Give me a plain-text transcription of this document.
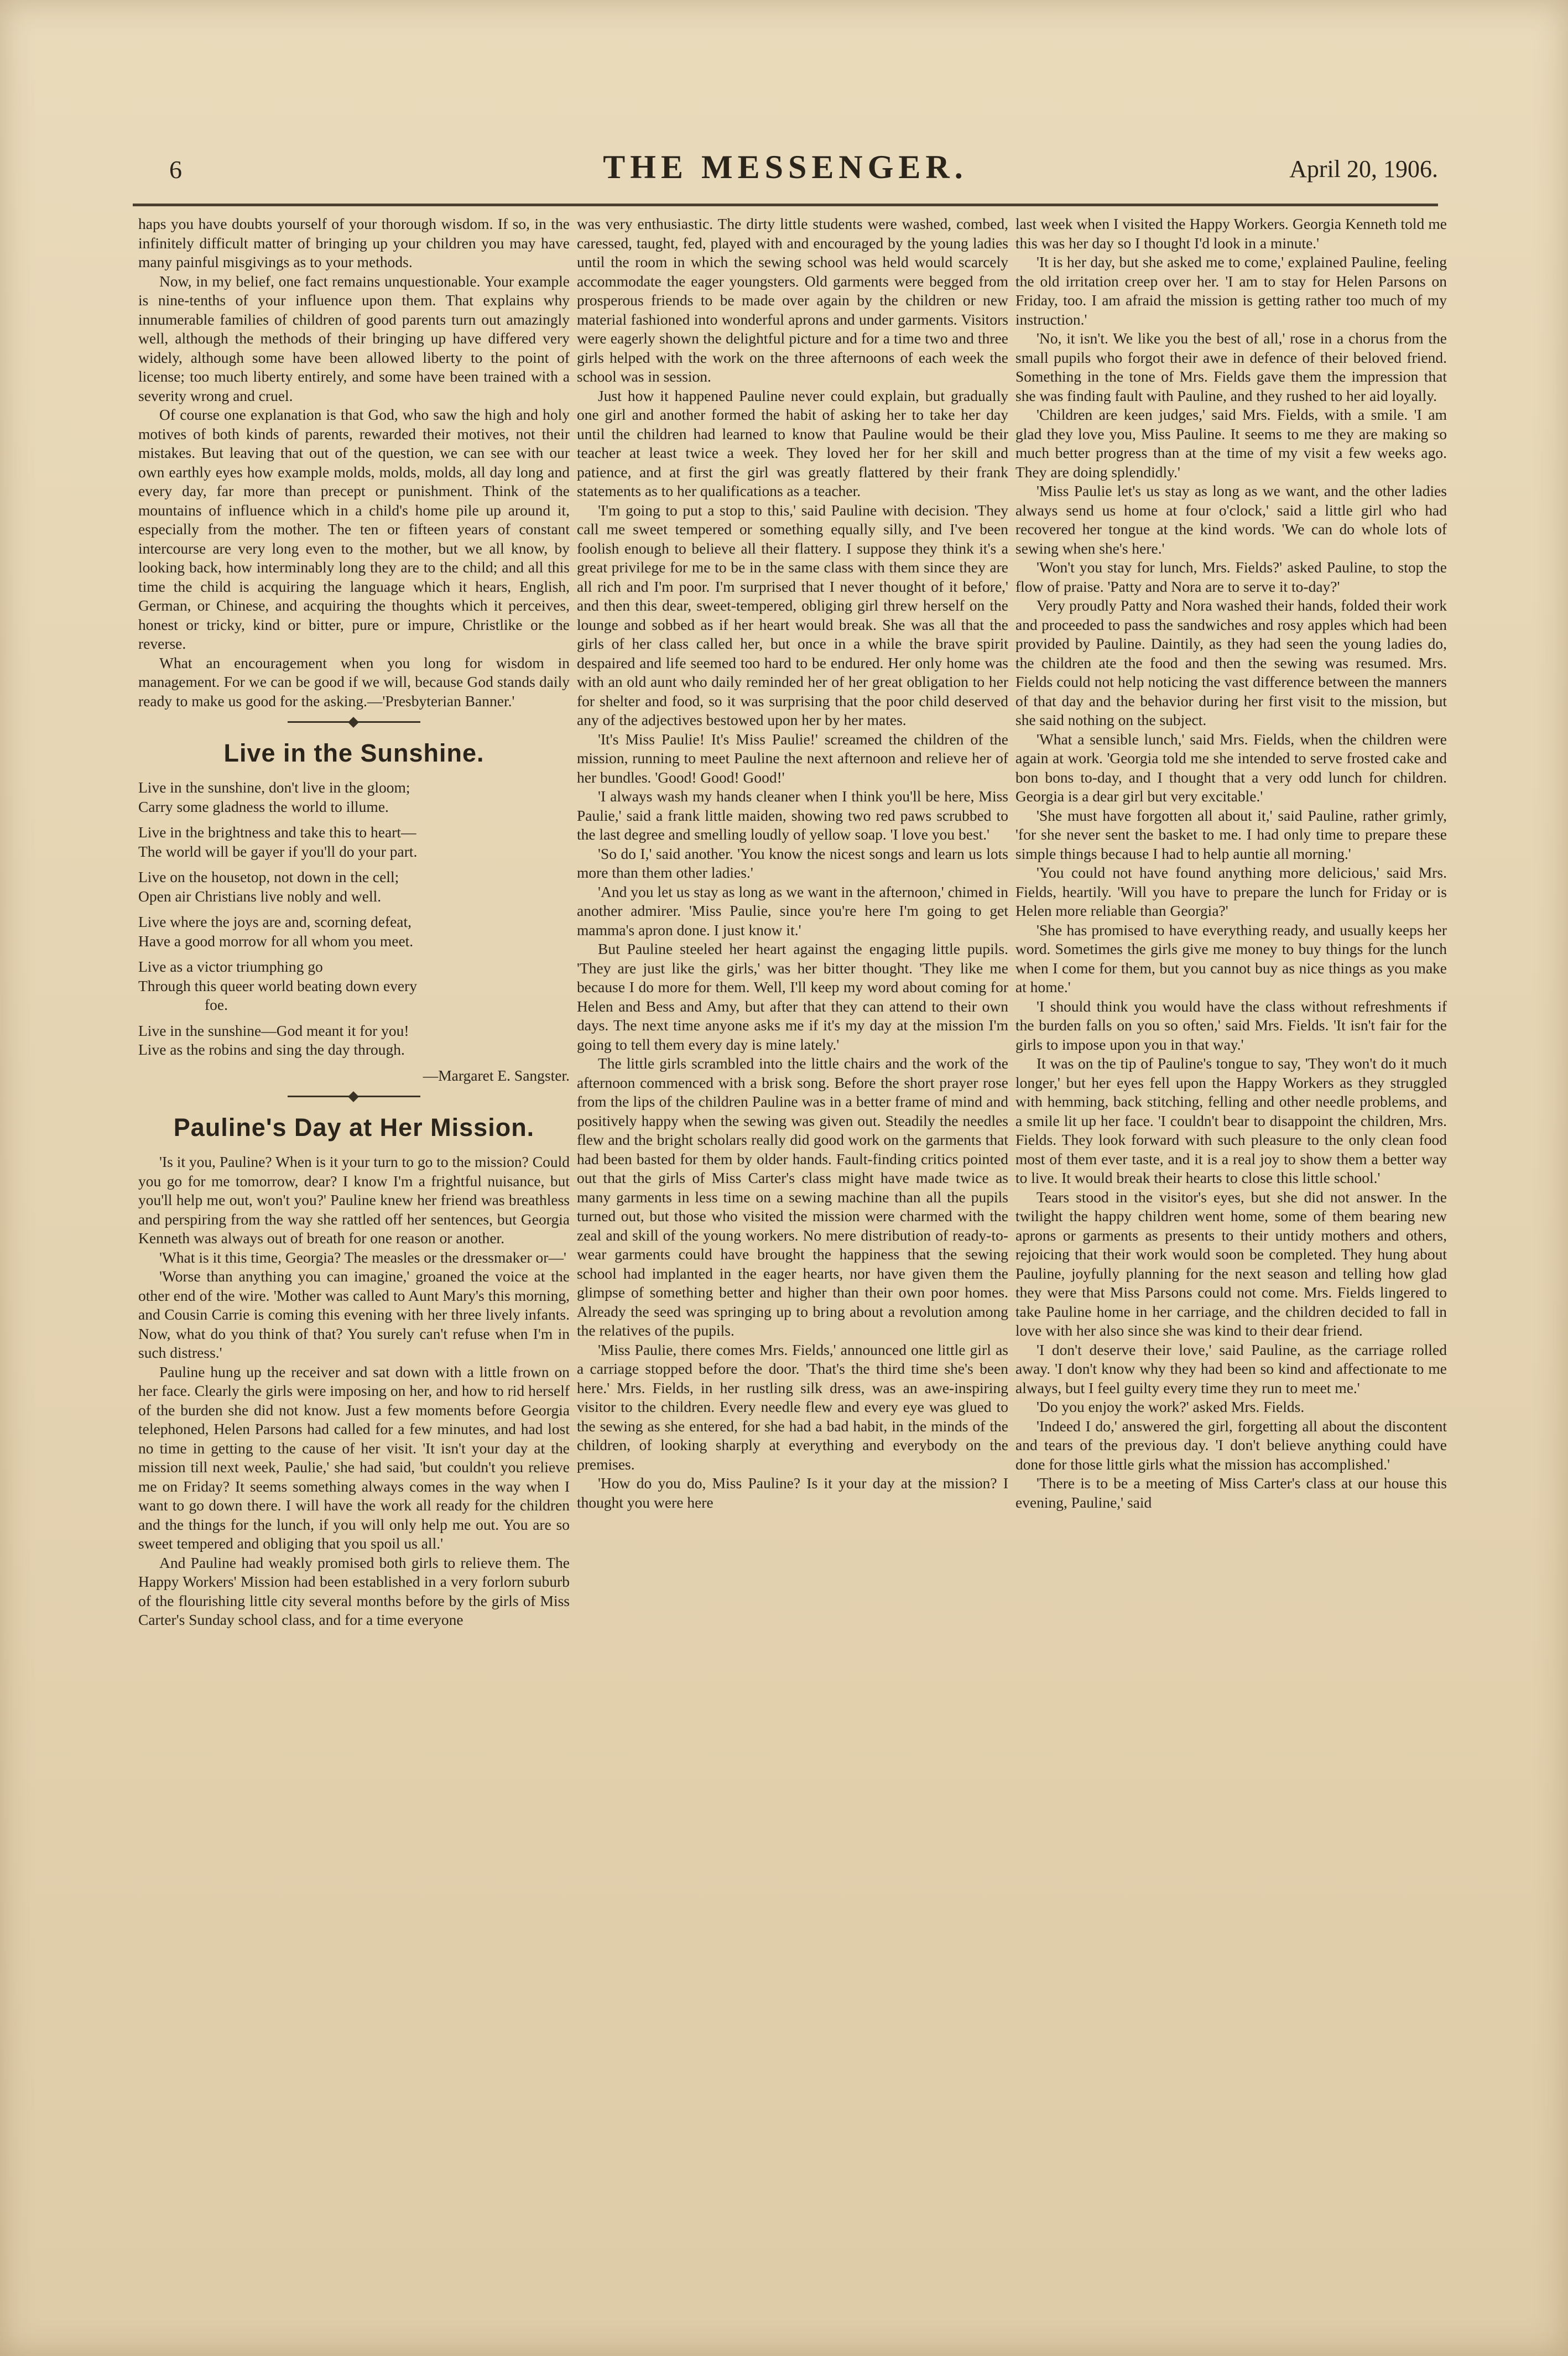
6	THE MESSENGER.	April 20, 1906.

haps you have doubts yourself of your thorough wisdom. If so, in the infinitely difficult matter of bringing up your children you may have many painful misgivings as to your methods.

Now, in my belief, one fact remains unquestionable. Your example is nine-tenths of your influence upon them. That explains why innumerable families of children of good parents turn out amazingly well, although the methods of their bringing up have differed very widely, although some have been allowed liberty to the point of license; too much liberty entirely, and some have been trained with a severity wrong and cruel.

Of course one explanation is that God, who saw the high and holy motives of both kinds of parents, rewarded their motives, not their mistakes. But leaving that out of the question, we can see with our own earthly eyes how example molds, molds, molds, all day long and every day, far more than precept or punishment. Think of the mountains of influence which in a child's home pile up around it, especially from the mother. The ten or fifteen years of constant intercourse are very long even to the mother, but we all know, by looking back, how interminably long they are to the child; and all this time the child is acquiring the language which it hears, English, German, or Chinese, and acquiring the thoughts which it perceives, honest or tricky, kind or bitter, pure or impure, Christlike or the reverse.

What an encouragement when you long for wisdom in management. For we can be good if we will, because God stands daily ready to make us good for the asking.—'Presbyterian Banner.'

Live in the Sunshine.
Live in the sunshine, don't live in the gloom;
Carry some gladness the world to illume.
Live in the brightness and take this to heart—
The world will be gayer if you'll do your part.
Live on the housetop, not down in the cell;
Open air Christians live nobly and well.
Live where the joys are and, scorning defeat,
Have a good morrow for all whom you meet.
Live as a victor triumphing go
Through this queer world beating down every
foe.
Live in the sunshine—God meant it for you!
Live as the robins and sing the day through.

—Margaret E. Sangster.

Pauline's Day at Her Mission.

'Is it you, Pauline? When is it your turn to go to the mission? Could you go for me tomorrow, dear? I know I'm a frightful nuisance, but you'll help me out, won't you?' Pauline knew her friend was breathless and perspiring from the way she rattled off her sentences, but Georgia Kenneth was always out of breath for one reason or another.

'What is it this time, Georgia? The measles or the dressmaker or—'

'Worse than anything you can imagine,' groaned the voice at the other end of the wire. 'Mother was called to Aunt Mary's this morning, and Cousin Carrie is coming this evening with her three lively infants. Now, what do you think of that? You surely can't refuse when I'm in such distress.'

Pauline hung up the receiver and sat down with a little frown on her face. Clearly the girls were imposing on her, and how to rid herself of the burden she did not know. Just a few moments before Georgia telephoned, Helen Parsons had called for a few minutes, and had lost no time in getting to the cause of her visit. 'It isn't your day at the mission till next week, Paulie,' she had said, 'but couldn't you relieve me on Friday? It seems something always comes in the way when I want to go down there. I will have the work all ready for the children and the things for the lunch, if you will only help me out. You are so sweet tempered and obliging that you spoil us all.'

And Pauline had weakly promised both girls to relieve them. The Happy Workers' Mission had been established in a very forlorn suburb of the flourishing little city several months before by the girls of Miss Carter's Sunday school class, and for a time everyone

was very enthusiastic. The dirty little students were washed, combed, caressed, taught, fed, played with and encouraged by the young ladies until the room in which the sewing school was held would scarcely accommodate the eager youngsters. Old garments were begged from prosperous friends to be made over again by the children or new material fashioned into wonderful aprons and under garments. Visitors were eagerly shown the delightful picture and for a time two and three girls helped with the work on the three afternoons of each week the school was in session.

Just how it happened Pauline never could explain, but gradually one girl and another formed the habit of asking her to take her day until the children had learned to know that Pauline would be their teacher at least twice a week. They loved her for her skill and patience, and at first the girl was greatly flattered by their frank statements as to her qualifications as a teacher.

'I'm going to put a stop to this,' said Pauline with decision. 'They call me sweet tempered or something equally silly, and I've been foolish enough to believe all their flattery. I suppose they think it's a great privilege for me to be in the same class with them since they are all rich and I'm poor. I'm surprised that I never thought of it before,' and then this dear, sweet-tempered, obliging girl threw herself on the lounge and sobbed as if her heart would break. She was all that the girls of her class called her, but once in a while the brave spirit despaired and life seemed too hard to be endured. Her only home was with an old aunt who daily reminded her of her great obligation to her for shelter and food, so it was surprising that the poor child deserved any of the adjectives bestowed upon her by her mates.

'It's Miss Paulie! It's Miss Paulie!' screamed the children of the mission, running to meet Pauline the next afternoon and relieve her of her bundles. 'Good! Good! Good!'

'I always wash my hands cleaner when I think you'll be here, Miss Paulie,' said a frank little maiden, showing two red paws scrubbed to the last degree and smelling loudly of yellow soap. 'I love you best.'

'So do I,' said another. 'You know the nicest songs and learn us lots more than them other ladies.'

'And you let us stay as long as we want in the afternoon,' chimed in another admirer. 'Miss Paulie, since you're here I'm going to get mamma's apron done. I just know it.'

But Pauline steeled her heart against the engaging little pupils. 'They are just like the girls,' was her bitter thought. 'They like me because I do more for them. Well, I'll keep my word about coming for Helen and Bess and Amy, but after that they can attend to their own days. The next time anyone asks me if it's my day at the mission I'm going to tell them every day is mine lately.'

The little girls scrambled into the little chairs and the work of the afternoon commenced with a brisk song. Before the short prayer rose from the lips of the children Pauline was in a better frame of mind and positively happy when the sewing was given out. Steadily the needles flew and the bright scholars really did good work on the garments that had been basted for them by older hands. Fault-finding critics pointed out that the girls of Miss Carter's class might have made twice as many garments in less time on a sewing machine than all the pupils turned out, but those who visited the mission were charmed with the zeal and skill of the young workers. No mere distribution of ready-to-wear garments could have brought the happiness that the sewing school had implanted in the eager hearts, nor have given them the glimpse of something better and higher than their own poor homes. Already the seed was springing up to bring about a revolution among the relatives of the pupils.

'Miss Paulie, there comes Mrs. Fields,' announced one little girl as a carriage stopped before the door. 'That's the third time she's been here.' Mrs. Fields, in her rustling silk dress, was an awe-inspiring visitor to the children. Every needle flew and every eye was glued to the sewing as she entered, for she had a bad habit, in the minds of the children, of looking sharply at everything and everybody on the premises.

'How do you do, Miss Pauline? Is it your day at the mission? I thought you were here

last week when I visited the Happy Workers. Georgia Kenneth told me this was her day so I thought I'd look in a minute.'

'It is her day, but she asked me to come,' explained Pauline, feeling the old irritation creep over her. 'I am to stay for Helen Parsons on Friday, too. I am afraid the mission is getting rather too much of my instruction.'

'No, it isn't. We like you the best of all,' rose in a chorus from the small pupils who forgot their awe in defence of their beloved friend. Something in the tone of Mrs. Fields gave them the impression that she was finding fault with Pauline, and they rushed to her aid loyally.

'Children are keen judges,' said Mrs. Fields, with a smile. 'I am glad they love you, Miss Pauline. It seems to me they are making so much better progress than at the time of my visit a few weeks ago. They are doing splendidly.'

'Miss Paulie let's us stay as long as we want, and the other ladies always send us home at four o'clock,' said a little girl who had recovered her tongue at the kind words. 'We can do whole lots of sewing when she's here.'

'Won't you stay for lunch, Mrs. Fields?' asked Pauline, to stop the flow of praise. 'Patty and Nora are to serve it to-day?'

Very proudly Patty and Nora washed their hands, folded their work and proceeded to pass the sandwiches and rosy apples which had been provided by Pauline. Daintily, as they had seen the young ladies do, the children ate the food and then the sewing was resumed. Mrs. Fields could not help noticing the vast difference between the manners of that day and the behavior during her first visit to the mission, but she said nothing on the subject.

'What a sensible lunch,' said Mrs. Fields, when the children were again at work. 'Georgia told me she intended to serve frosted cake and bon bons to-day, and I thought that a very odd lunch for children. Georgia is a dear girl but very excitable.'

'She must have forgotten all about it,' said Pauline, rather grimly, 'for she never sent the basket to me. I had only time to prepare these simple things because I had to help auntie all morning.'

'You could not have found anything more delicious,' said Mrs. Fields, heartily. 'Will you have to prepare the lunch for Friday or is Helen more reliable than Georgia?'

'She has promised to have everything ready, and usually keeps her word. Sometimes the girls give me money to buy things for the lunch when I come for them, but you cannot buy as nice things as you make at home.'

'I should think you would have the class without refreshments if the burden falls on you so often,' said Mrs. Fields. 'It isn't fair for the girls to impose upon you in that way.'

It was on the tip of Pauline's tongue to say, 'They won't do it much longer,' but her eyes fell upon the Happy Workers as they struggled with hemming, back stitching, felling and other needle problems, and a smile lit up her face. 'I couldn't bear to disappoint the children, Mrs. Fields. They look forward with such pleasure to the only clean food most of them ever taste, and it is a real joy to show them a better way to live. It would break their hearts to close this little school.'

Tears stood in the visitor's eyes, but she did not answer. In the twilight the happy children went home, some of them bearing new aprons or garments as presents to their untidy mothers and others, rejoicing that their work would soon be completed. They hung about Pauline, joyfully planning for the next season and telling how glad they were that Miss Parsons could not come. Mrs. Fields lingered to take Pauline home in her carriage, and the children decided to fall in love with her also since she was kind to their dear friend.

'I don't deserve their love,' said Pauline, as the carriage rolled away. 'I don't know why they had been so kind and affectionate to me always, but I feel guilty every time they run to meet me.'

'Do you enjoy the work?' asked Mrs. Fields.

'Indeed I do,' answered the girl, forgetting all about the discontent and tears of the previous day. 'I don't believe anything could have done for those little girls what the mission has accomplished.'

'There is to be a meeting of Miss Carter's class at our house this evening, Pauline,' said
